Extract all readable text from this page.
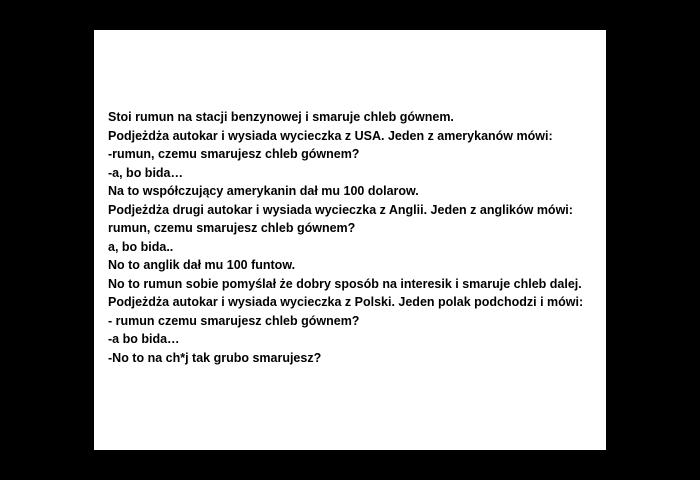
Stoi rumun na stacji benzynowej i smaruje chleb gównem.
Podjeżdża autokar i wysiada wycieczka z USA. Jeden z amerykanów mówi:
-rumun, czemu smarujesz chleb gównem?
-a, bo bida…
Na to współczujący amerykanin dał mu 100 dolarow.
Podjeżdża drugi autokar i wysiada wycieczka z Anglii. Jeden z anglików mówi:
rumun, czemu smarujesz chleb gównem?
a, bo bida..
No to anglik dał mu 100 funtow.
No to rumun sobie pomyślał że dobry sposób na interesik i smaruje chleb dalej.
Podjeżdża autokar i wysiada wycieczka z Polski. Jeden polak podchodzi i mówi:
- rumun czemu smarujesz chleb gównem?
-a bo bida…
-No to na ch*j tak grubo smarujesz?
